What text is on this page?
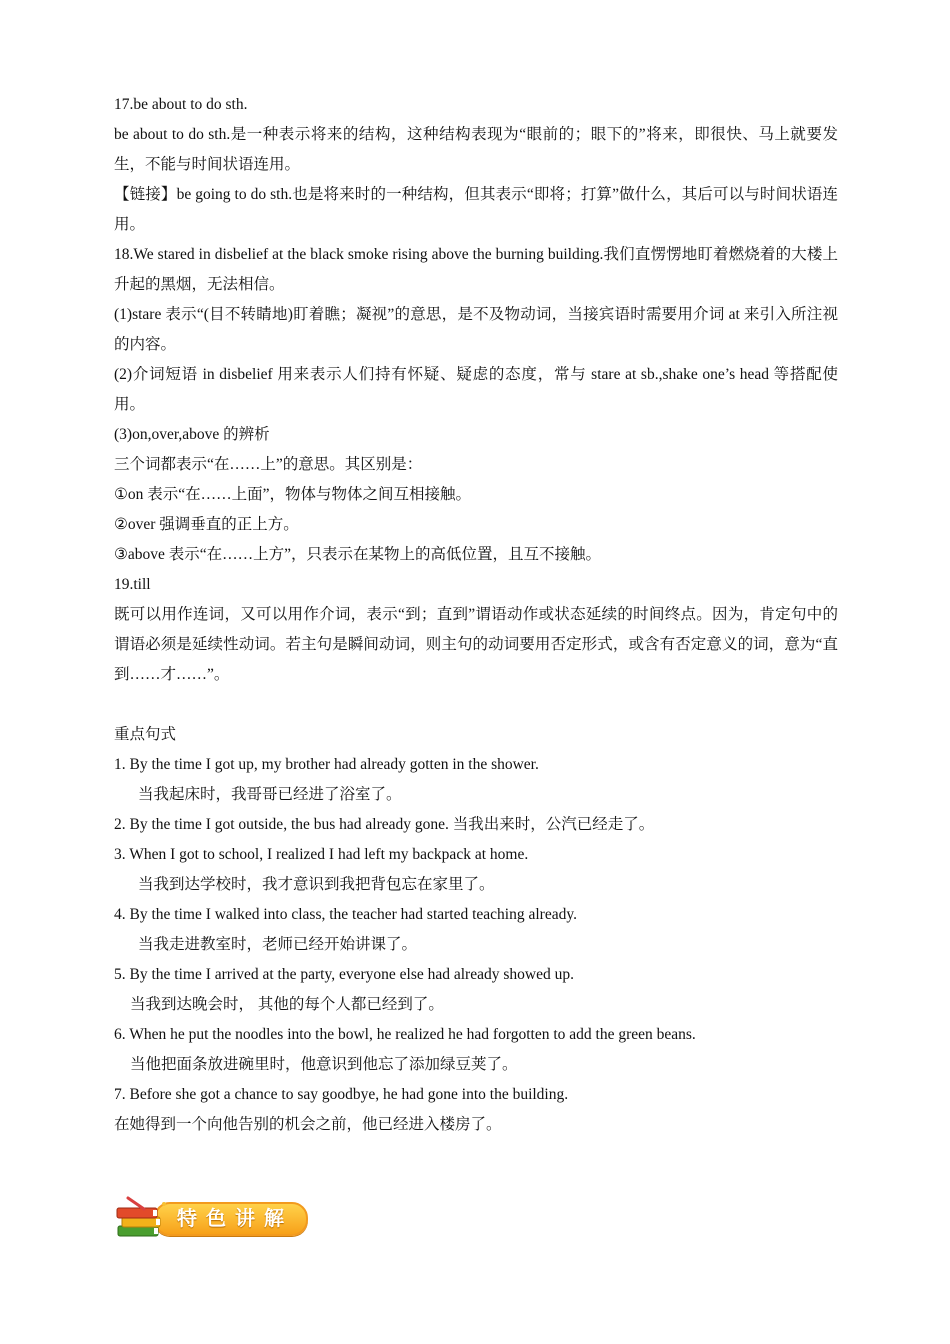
17.be about to do sth.
be about to do sth.是一种表示将来的结构，这种结构表现为“眼前的；眼下的”将来，即很快、马上就要发生，不能与时间状语连用。
【链接】be going to do sth.也是将来时的一种结构，但其表示“即将；打算”做什么，其后可以与时间状语连用。
18.We stared in disbelief at the black smoke rising above the burning building.我们直愣愣地盯着燃烧着的大楼上升起的黑烟，无法相信。
(1)stare 表示“(目不转睛地)盯着瞧；凝视”的意思，是不及物动词，当接宾语时需要用介词 at 来引入所注视的内容。
(2)介词短语 in disbelief 用来表示人们持有怀疑、疑虑的态度，常与 stare at sb.,shake one’s head 等搭配使用。
(3)on,over,above 的辨析
三个词都表示“在……上”的意思。其区别是：
①on 表示“在……上面”，物体与物体之间互相接触。
②over 强调垂直的正上方。
③above 表示“在……上方”，只表示在某物上的高低位置，且互不接触。
19.till
既可以用作连词，又可以用作介词，表示“到；直到”谓语动作或状态延续的时间终点。因为，肯定句中的谓语必须是延续性动词。若主句是瞬间动词，则主句的动词要用否定形式，或含有否定意义的词，意为“直到……才……”。
重点句式
1. By the time I got up, my brother had already gotten in the shower.
当我起床时，我哥哥已经进了浴室了。
2. By the time I got outside, the bus had already gone. 当我出来时，公汽已经走了。
3. When I got to school, I realized I had left my backpack at home.
当我到达学校时，我才意识到我把背包忘在家里了。
4. By the time I walked into class, the teacher had started teaching already.
当我走进教室时，老师已经开始讲课了。
5. By the time I arrived at the party, everyone else had already showed up.
当我到达晚会时， 其他的每个人都已经到了。
6. When he put the noodles into the bowl, he realized he had forgotten to add the green beans.
当他把面条放进碗里时，他意识到他忘了添加绿豆荚了。
7. Before she got a chance to say goodbye, he had gone into the building.
在她得到一个向他告别的机会之前，他已经进入楼房了。
特色讲解
